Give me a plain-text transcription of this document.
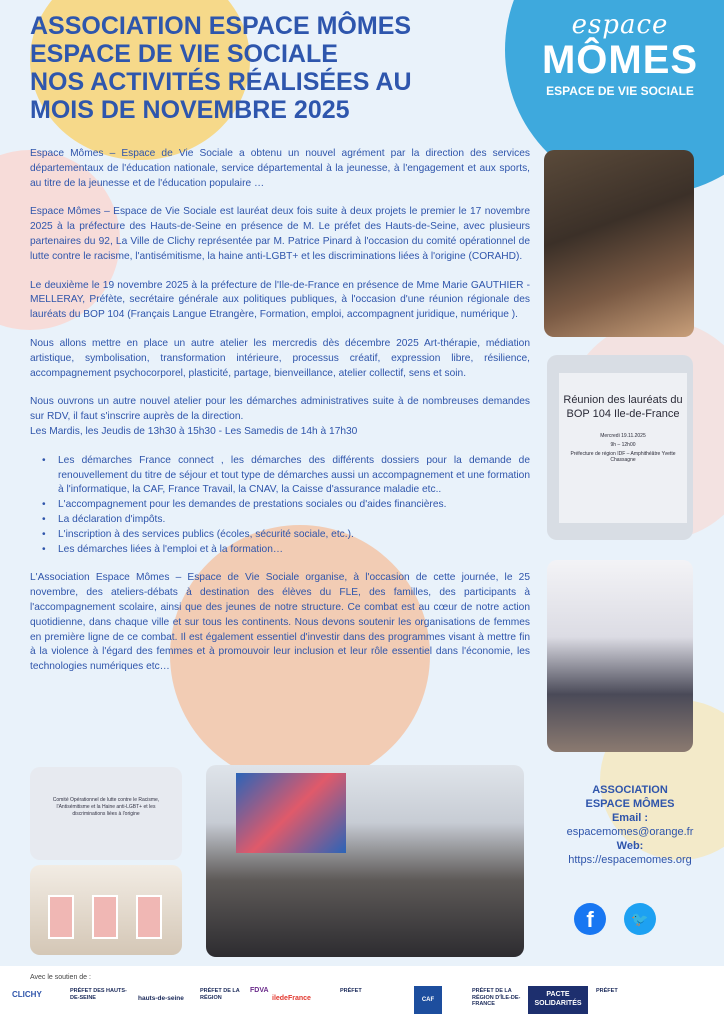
espace
MÔMES
ESPACE DE VIE SOCIALE
ASSOCIATION ESPACE MÔMES
ESPACE DE VIE SOCIALE
NOS ACTIVITÉS RÉALISÉES AU
MOIS DE NOVEMBRE 2025

Espace Mômes – Espace de Vie Sociale a obtenu un nouvel agrément par la direction des services départementaux de l'éducation nationale, service départemental à la jeunesse, à l'engagement et aux sports, au titre de la jeunesse et de l'éducation populaire …

Espace Mômes – Espace de Vie Sociale est lauréat deux fois suite à deux projets le premier le 17 novembre 2025 à la préfecture des Hauts-de-Seine en présence de M. Le préfet des Hauts-de-Seine, avec plusieurs partenaires du 92, La Ville de Clichy représentée par M. Patrice Pinard à l'occasion du comité opérationnel de lutte contre le racisme, l'antisémitisme, la haine anti-LGBT+ et les discriminations liées à l'origine (CORAHD).

Le deuxième le 19 novembre 2025 à la préfecture de l'Ile-de-France en présence de Mme Marie GAUTHIER -MELLERAY, Préfète, secrétaire générale aux politiques publiques, à l'occasion d'une réunion régionale des lauréats du BOP 104 (Français Langue Etrangère, Formation, emploi, accompagnent juridique, numérique ).

Nous allons mettre en place un autre atelier les mercredis dès décembre 2025 Art-thérapie, médiation artistique, symbolisation, transformation intérieure, processus créatif, expression libre, résilience, accompagnement psychocorporel, plasticité, partage, bienveillance, atelier collectif, sens et soin.

Nous ouvrons un autre nouvel atelier pour les démarches administratives suite à de nombreuses demandes sur RDV, il faut s'inscrire auprès de la direction.
Les Mardis, les Jeudis de 13h30 à 15h30 - Les Samedis de 14h à 17h30

• Les démarches France connect , les démarches des différents dossiers pour la demande de renouvellement du titre de séjour et tout type de démarches aussi un accompagnement et une formation à l'informatique, la CAF, France Travail, la CNAV, la Caisse d'assurance maladie etc..
• L'accompagnement pour les demandes de prestations sociales ou d'aides financières.
• La déclaration d'impôts.
• L'inscription à des services publics (écoles, sécurité sociale, etc.).
• Les démarches liées à l'emploi et à la formation…

L'Association Espace Mômes – Espace de Vie Sociale organise, à l'occasion de cette journée, le 25 novembre, des ateliers-débats à destination des élèves du FLE, des familles, des participants à l'accompagnement scolaire, ainsi que des jeunes de notre structure. Ce combat est au cœur de notre action quotidienne, dans chaque ville et sur tous les continents. Nous devons soutenir les organisations de femmes en première ligne de ce combat. Il est également essentiel d'investir dans des programmes visant à mettre fin à la violence à l'égard des femmes et à promouvoir leur inclusion et leur rôle essentiel dans l'économie, les technologies numériques etc…

Réunion des lauréats du BOP 104 Ile-de-France
Mercredi 19.11.2025
9h – 12h00
Préfecture de région IDF – Amphithéâtre Yvette Chassagne
Comité Opérationnel de lutte contre le Racisme, l'Antisémitisme et la Haine anti-LGBT+ et les discriminations liées à l'origine
ASSOCIATION
ESPACE MÔMES
Email :
espacemomes@orange.fr
Web:
https://espacemomes.org
f	🐦
Avec le soutien de :
CLICHY	PRÉFET DES HAUTS-DE-SEINE	hauts-de-seine
PRÉFET DE LA RÉGION
FDVA
iledeFrance
PRÉFET
CAF
PRÉFET DE LA RÉGION D'ÎLE-DE-FRANCE
PACTE SOLIDARITÉS
PRÉFET
